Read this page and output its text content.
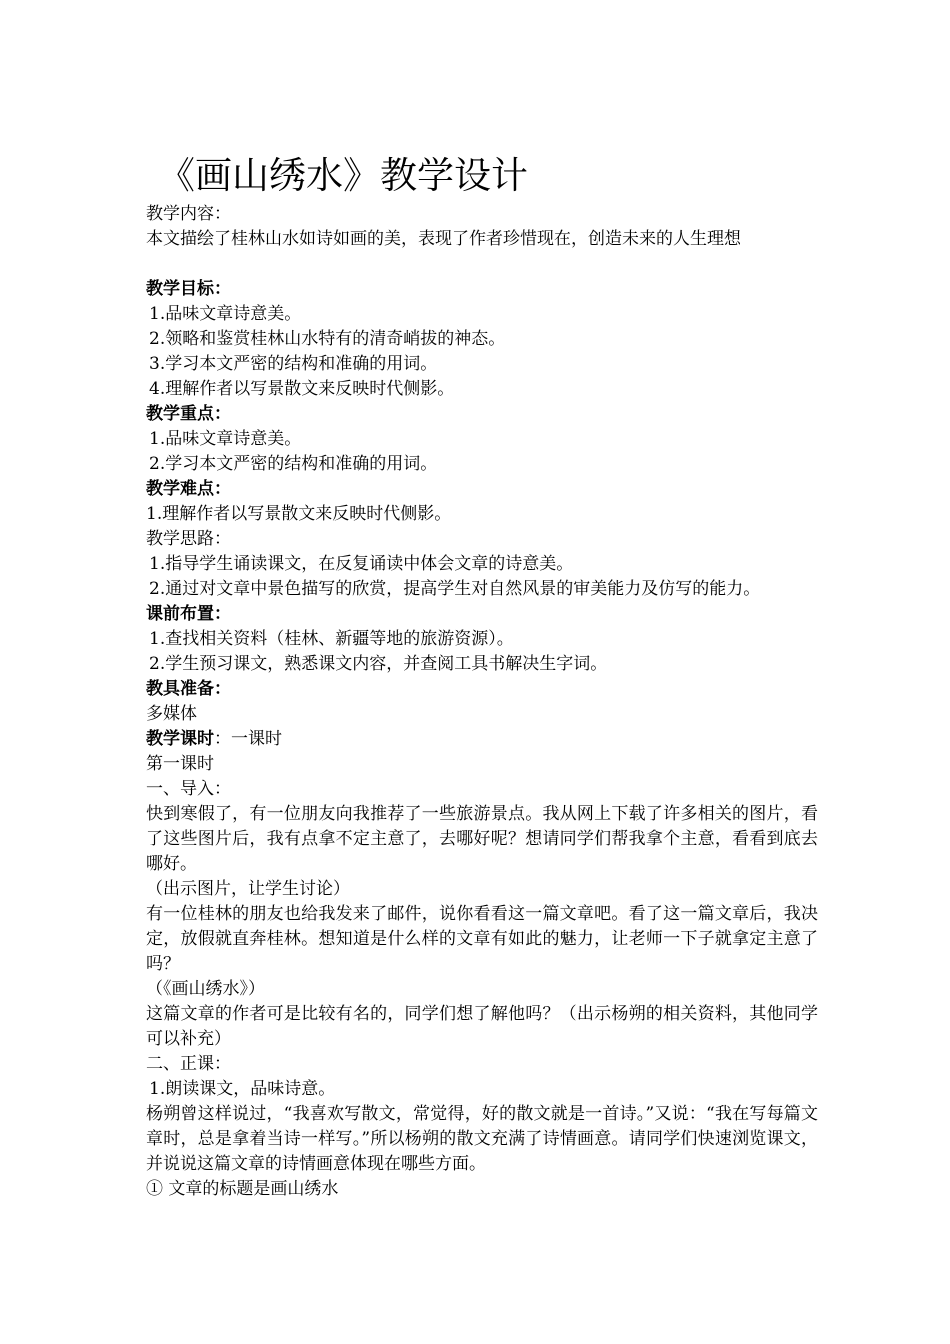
《画山绣水》教学设计

教学内容：

本文描绘了桂林山水如诗如画的美，表现了作者珍惜现在，创造未来的人生理想

教学目标：

1.品味文章诗意美。

2.领略和鉴赏桂林山水特有的清奇峭拔的神态。

3.学习本文严密的结构和准确的用词。

4.理解作者以写景散文来反映时代侧影。

教学重点：

1.品味文章诗意美。

2.学习本文严密的结构和准确的用词。

教学难点：

1.理解作者以写景散文来反映时代侧影。

教学思路：

1.指导学生诵读课文，在反复诵读中体会文章的诗意美。

2.通过对文章中景色描写的欣赏，提高学生对自然风景的审美能力及仿写的能力。

课前布置：

1.查找相关资料（桂林、新疆等地的旅游资源）。

2.学生预习课文，熟悉课文内容，并查阅工具书解决生字词。

教具准备：

多媒体

教学课时：一课时

第一课时

一、导入：

快到寒假了，有一位朋友向我推荐了一些旅游景点。我从网上下载了许多相关的图片，看了这些图片后，我有点拿不定主意了，去哪好呢？想请同学们帮我拿个主意，看看到底去哪好。

（出示图片，让学生讨论）

有一位桂林的朋友也给我发来了邮件，说你看看这一篇文章吧。看了这一篇文章后，我决定，放假就直奔桂林。想知道是什么样的文章有如此的魅力，让老师一下子就拿定主意了吗？

（《画山绣水》）

这篇文章的作者可是比较有名的，同学们想了解他吗？（出示杨朔的相关资料，其他同学可以补充）

二、正课：

1.朗读课文，品味诗意。

杨朔曾这样说过，“我喜欢写散文，常觉得，好的散文就是一首诗。”又说：“我在写每篇文章时，总是拿着当诗一样写。”所以杨朔的散文充满了诗情画意。请同学们快速浏览课文，并说说这篇文章的诗情画意体现在哪些方面。

① 文章的标题是画山绣水
